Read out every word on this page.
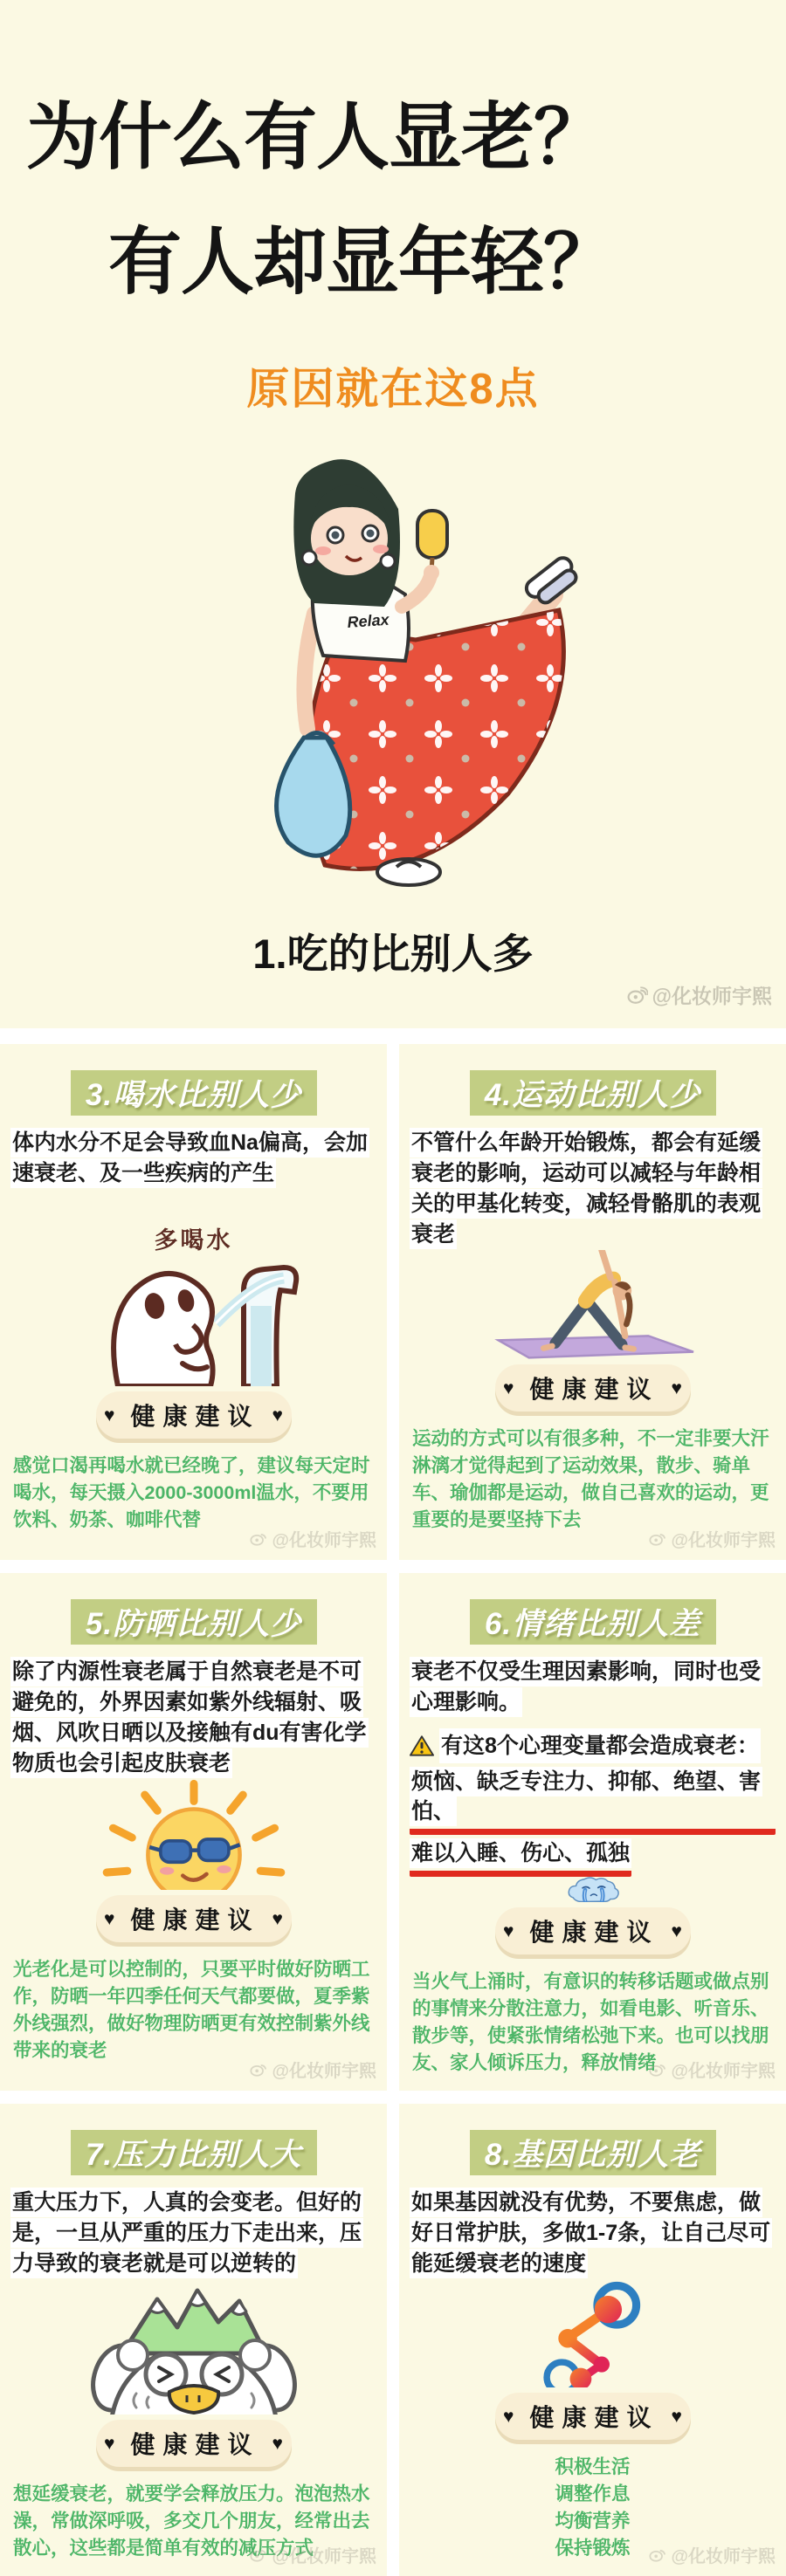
为什么有人显老？
有人却显年轻？
原因就在这8点
Relax
1.吃的比别人多
@化妆师宇熙
3.喝水比别人少

体内水分不足会导致血Na偏高，会加速衰老、及一些疾病的产生

多喝水
♥ 健康建议 ♥

感觉口渴再喝水就已经晚了，建议每天定时喝水，每天摄入2000-3000ml温水，不要用饮料、奶茶、咖啡代替

@化妆师宇熙
4.运动比别人少

不管什么年龄开始锻炼，都会有延缓衰老的影响，运动可以减轻与年龄相关的甲基化转变，减轻骨骼肌的表观衰老

♥ 健康建议 ♥

运动的方式可以有很多种，不一定非要大汗淋漓才觉得起到了运动效果，散步、骑单车、瑜伽都是运动，做自己喜欢的运动，更重要的是要坚持下去

@化妆师宇熙
5.防晒比别人少

除了内源性衰老属于自然衰老是不可避免的，外界因素如紫外线辐射、吸烟、风吹日晒以及接触有du有害化学物质也会引起皮肤衰老

♥ 健康建议 ♥

光老化是可以控制的，只要平时做好防晒工作，防晒一年四季任何天气都要做，夏季紫外线强烈，做好物理防晒更有效控制紫外线带来的衰老

@化妆师宇熙
6.情绪比别人差

衰老不仅受生理因素影响，同时也受心理影响。

有这8个心理变量都会造成衰老：

烦恼、缺乏专注力、抑郁、绝望、害怕、

难以入睡、伤心、孤独

♥ 健康建议 ♥

当火气上涌时，有意识的转移话题或做点别的事情来分散注意力，如看电影、听音乐、散步等，使紧张情绪松弛下来。也可以找朋友、家人倾诉压力，释放情绪 @化妆师宇熙
7.压力比别人大

重大压力下，人真的会变老。但好的是，一旦从严重的压力下走出来，压力导致的衰老就是可以逆转的

♥ 健康建议 ♥

想延缓衰老，就要学会释放压力。泡泡热水澡，常做深呼吸，多交几个朋友，经常出去散心，这些都是简单有效的减压方式

@化妆师宇熙
8.基因比别人老

如果基因就没有优势，不要焦虑，做好日常护肤，多做1-7条，让自己尽可能延缓衰老的速度

♥ 健康建议 ♥
积极生活
调整作息
均衡营养
保持锻炼	@化妆师宇熙
